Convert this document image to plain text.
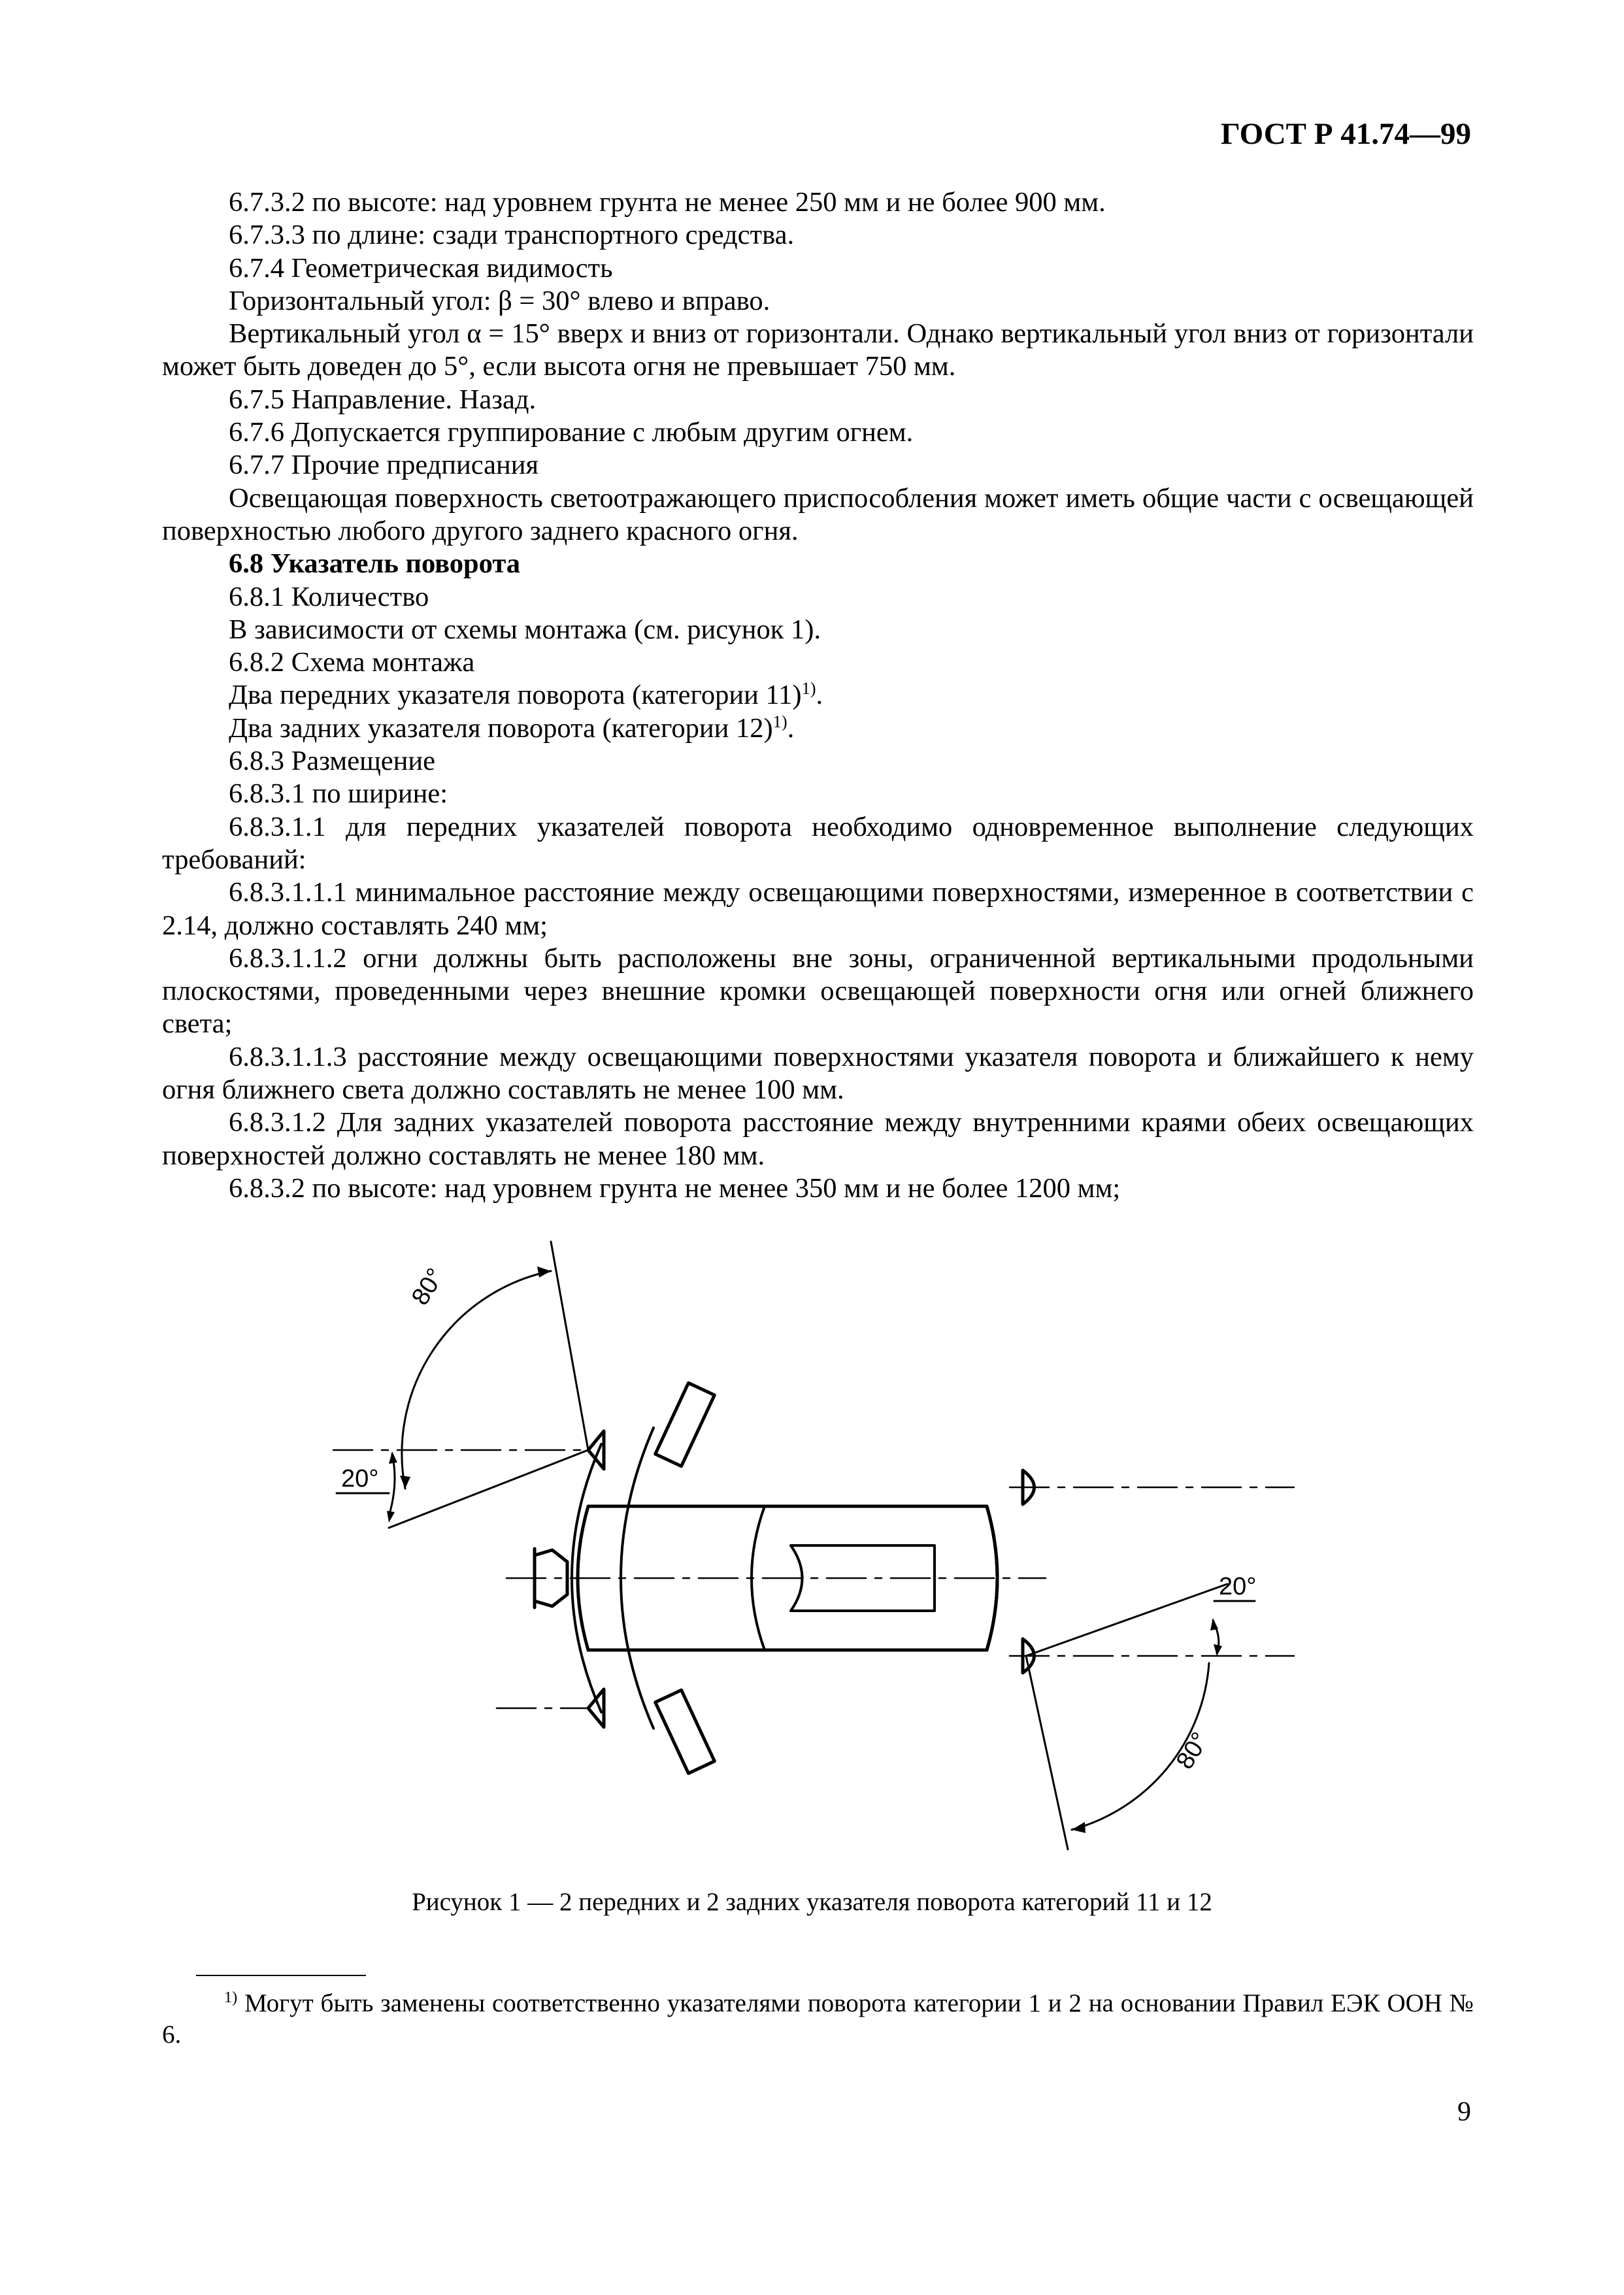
ГОСТ Р 41.74—99

6.7.3.2 по высоте: над уровнем грунта не менее 250 мм и не более 900 мм.

6.7.3.3 по длине: сзади транспортного средства.

6.7.4 Геометрическая видимость

Горизонтальный угол: β = 30° влево и вправо.

Вертикальный угол α = 15° вверх и вниз от горизонтали. Однако вертикальный угол вниз от горизонтали может быть доведен до 5°, если высота огня не превышает 750 мм.

6.7.5 Направление. Назад.

6.7.6 Допускается группирование с любым другим огнем.

6.7.7 Прочие предписания

Освещающая поверхность светоотражающего приспособления может иметь общие части с освещающей поверхностью любого другого заднего красного огня.

6.8 Указатель поворота

6.8.1 Количество

В зависимости от схемы монтажа (см. рисунок 1).

6.8.2 Схема монтажа

Два передних указателя поворота (категории 11)$^{1)}$.

Два задних указателя поворота (категории 12)$^{1)}$.

6.8.3 Размещение

6.8.3.1 по ширине:

6.8.3.1.1 для передних указателей поворота необходимо одновременное выполнение следующих требований:

6.8.3.1.1.1 минимальное расстояние между освещающими поверхностями, измеренное в соответствии с 2.14, должно составлять 240 мм;

6.8.3.1.1.2 огни должны быть расположены вне зоны, ограниченной вертикальными продольными плоскостями, проведенными через внешние кромки освещающей поверхности огня или огней ближнего света;

6.8.3.1.1.3 расстояние между освещающими поверхностями указателя поворота и ближайшего к нему огня ближнего света должно составлять не менее 100 мм.

6.8.3.1.2 Для задних указателей поворота расстояние между внутренними краями обеих освещающих поверхностей должно составлять не менее 180 мм.

6.8.3.2 по высоте: над уровнем грунта не менее 350 мм и не более 1200 мм;

80°
20°
20°
80°
Рисунок 1 — 2 передних и 2 задних указателя поворота категорий 11 и 12

$^{1)}$ Могут быть заменены соответственно указателями поворота категории 1 и 2 на основании Правил ЕЭК ООН № 6.

9
